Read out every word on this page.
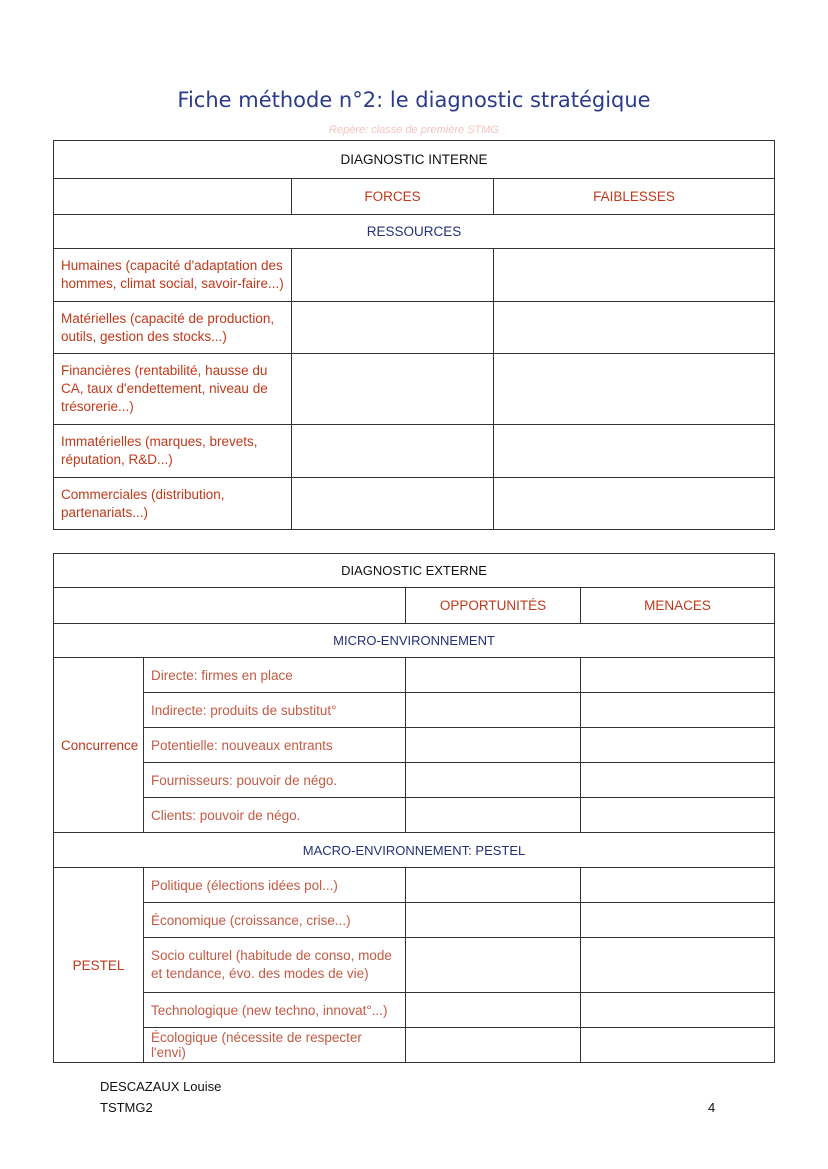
Fiche méthode n°2: le diagnostic stratégique
Repère: classe de première STMG
DIAGNOSTIC INTERNE		
	FORCES	FAIBLESSES
RESSOURCES		
Humaines (capacité d'adaptation des hommes, climat social, savoir-faire...)		
Matérielles (capacité de production, outils, gestion des stocks...)		
Financières (rentabilité, hausse du CA, taux d'endettement, niveau de trésorerie...)		
Immatérielles (marques, brevets, réputation, R&D...)		
Commerciales (distribution, partenariats...)		
DIAGNOSTIC EXTERNE			
		OPPORTUNITÉS	MENACES
MICRO-ENVIRONNEMENT			
Concurrence	Directe: firmes en place		
	Indirecte: produits de substitut°		
	Potentielle: nouveaux entrants		
	Fournisseurs: pouvoir de négo.		
	Clients: pouvoir de négo.		
MACRO-ENVIRONNEMENT: PESTEL			
PESTEL	Politique (élections idées pol...)		
	Économique (croissance, crise...)		
	Socio culturel (habitude de conso, mode et tendance, évo. des modes de vie)		
	Technologique (new techno, innovat°...)		
	Écologique (nécessite de respecter l'envi)		
DESCAZAUX Louise
TSTMG2	4
